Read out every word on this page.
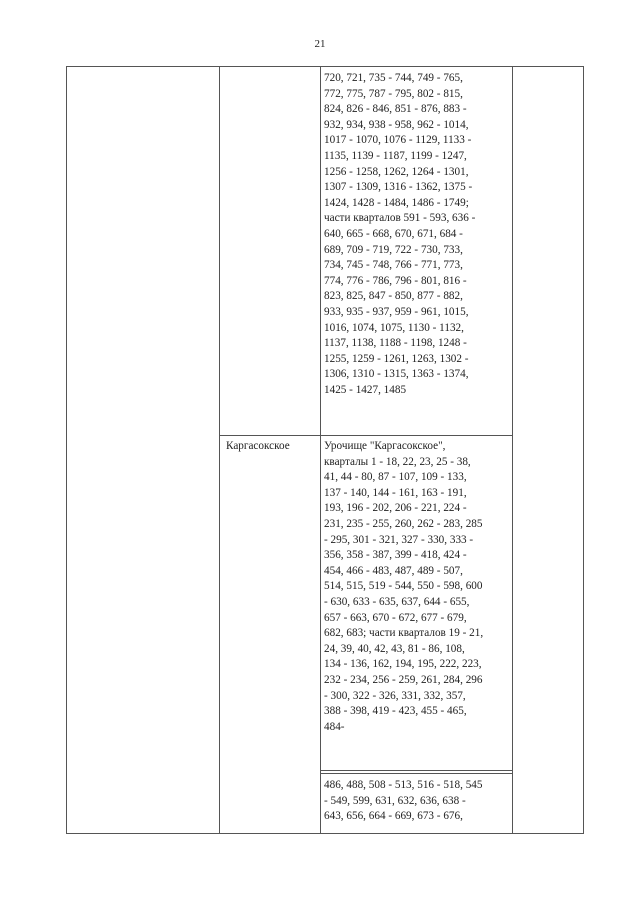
21
720, 721, 735 - 744, 749 - 765,
772, 775, 787 - 795, 802 - 815,
824, 826 - 846, 851 - 876, 883 -
932, 934, 938 - 958, 962 - 1014,
1017 - 1070, 1076 - 1129, 1133 -
1135, 1139 - 1187, 1199 - 1247,
1256 - 1258, 1262, 1264 - 1301,
1307 - 1309, 1316 - 1362, 1375 -
1424, 1428 - 1484, 1486 - 1749;
части кварталов 591 - 593, 636 -
640, 665 - 668, 670, 671, 684 -
689, 709 - 719, 722 - 730, 733,
734, 745 - 748, 766 - 771, 773,
774, 776 - 786, 796 - 801, 816 -
823, 825, 847 - 850, 877 - 882,
933, 935 - 937, 959 - 961, 1015,
1016, 1074, 1075, 1130 - 1132,
1137, 1138, 1188 - 1198, 1248 -
1255, 1259 - 1261, 1263, 1302 -
1306, 1310 - 1315, 1363 - 1374,
1425 - 1427, 1485
Каргасокское	Урочище "Каргасокское",
кварталы 1 - 18, 22, 23, 25 - 38,
41, 44 - 80, 87 - 107, 109 - 133,
137 - 140, 144 - 161, 163 - 191,
193, 196 - 202, 206 - 221, 224 -
231, 235 - 255, 260, 262 - 283, 285
- 295, 301 - 321, 327 - 330, 333 -
356, 358 - 387, 399 - 418, 424 -
454, 466 - 483, 487, 489 - 507,
514, 515, 519 - 544, 550 - 598, 600
- 630, 633 - 635, 637, 644 - 655,
657 - 663, 670 - 672, 677 - 679,
682, 683; части кварталов 19 - 21,
24, 39, 40, 42, 43, 81 - 86, 108,
134 - 136, 162, 194, 195, 222, 223,
232 - 234, 256 - 259, 261, 284, 296
- 300, 322 - 326, 331, 332, 357,
388 - 398, 419 - 423, 455 - 465,
484-
486, 488, 508 - 513, 516 - 518, 545
- 549, 599, 631, 632, 636, 638 -
643, 656, 664 - 669, 673 - 676,
